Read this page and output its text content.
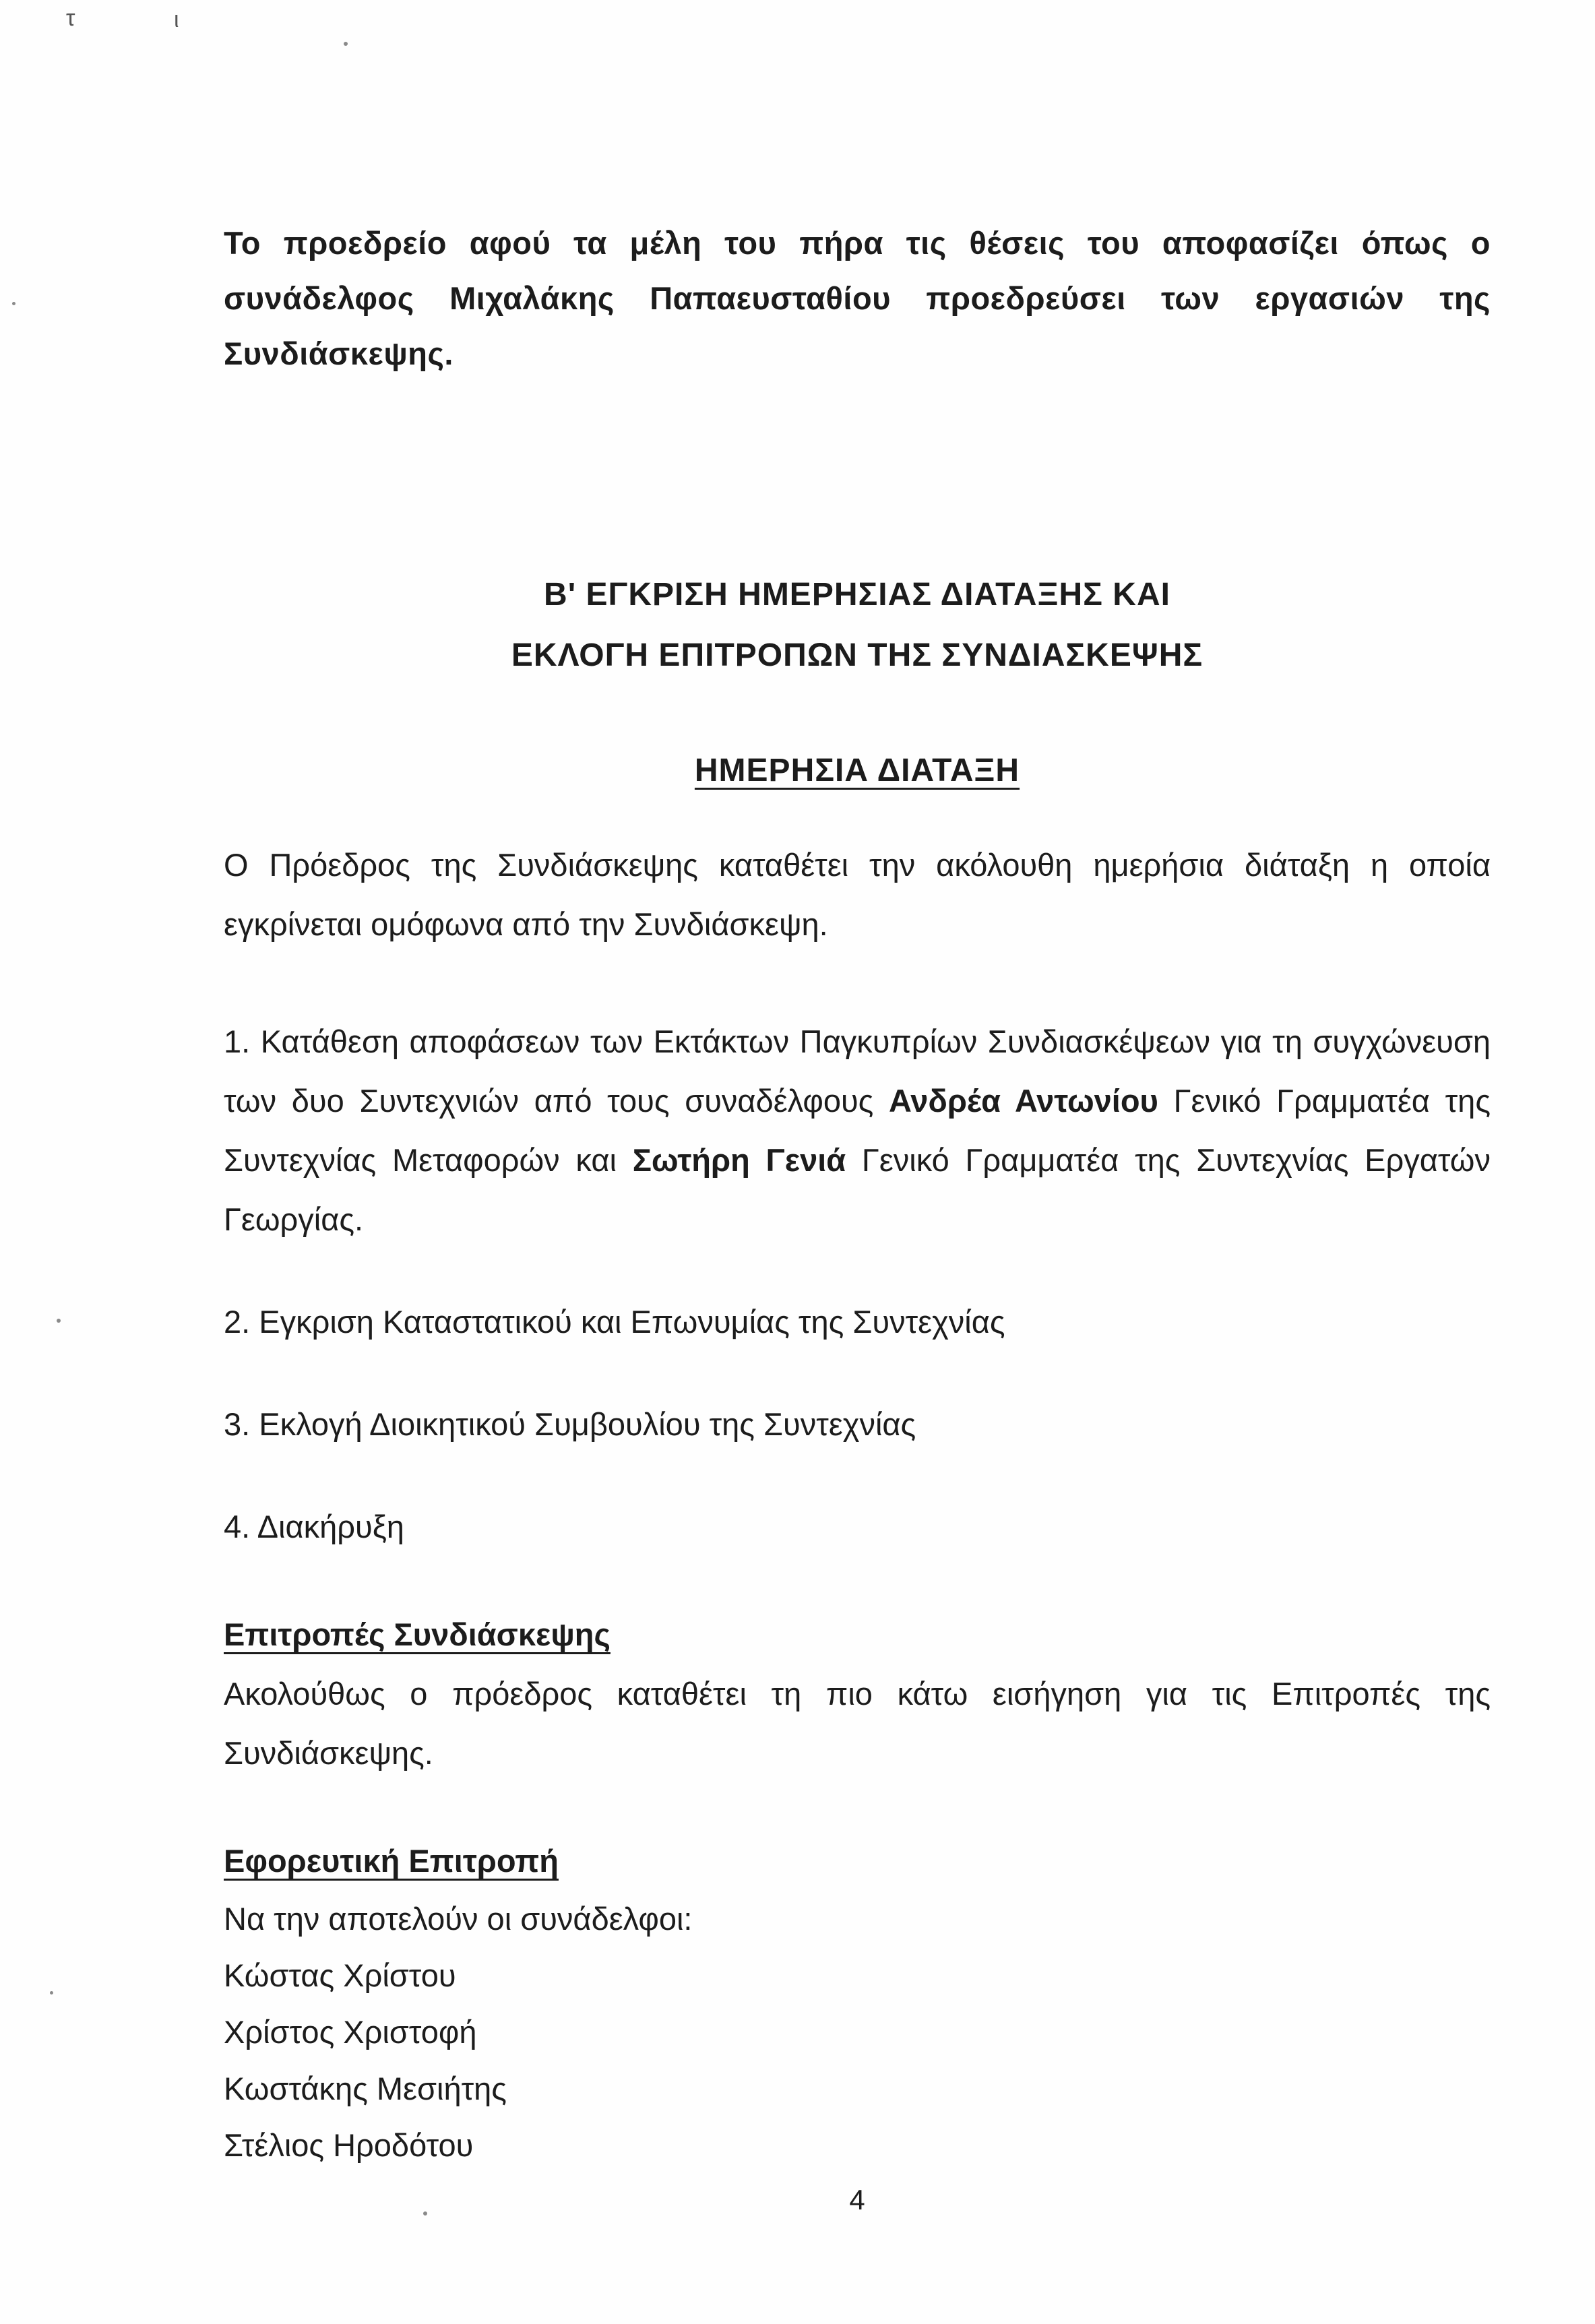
τ	ι

Το προεδρείο αφού τα μέλη του πήρα τις θέσεις του αποφασίζει όπως ο συνάδελφος Μιχαλάκης Παπαευσταθίου προεδρεύσει των εργασιών της Συνδιάσκεψης.

Β' ΕΓΚΡΙΣΗ ΗΜΕΡΗΣΙΑΣ ΔΙΑΤΑΞΗΣ ΚΑΙ
ΕΚΛΟΓΗ ΕΠΙΤΡΟΠΩΝ ΤΗΣ ΣΥΝΔΙΑΣΚΕΨΗΣ
ΗΜΕΡΗΣΙΑ ΔΙΑΤΑΞΗ

Ο Πρόεδρος της Συνδιάσκεψης καταθέτει την ακόλουθη ημερήσια διάταξη η οποία εγκρίνεται ομόφωνα από την Συνδιάσκεψη.

1. Κατάθεση αποφάσεων των Εκτάκτων Παγκυπρίων Συνδιασκέψεων για τη συγχώνευση των δυο Συντεχνιών από τους συναδέλφους Ανδρέα Αντωνίου Γενικό Γραμματέα της Συντεχνίας Μεταφορών και Σωτήρη Γενιά Γενικό Γραμματέα της Συντεχνίας Εργατών Γεωργίας.

2. Εγκριση Καταστατικού και Επωνυμίας της Συντεχνίας

3. Εκλογή Διοικητικού Συμβουλίου της Συντεχνίας

4. Διακήρυξη

Επιτροπές Συνδιάσκεψης

Ακολούθως ο πρόεδρος καταθέτει τη πιο κάτω εισήγηση για τις Επιτροπές της Συνδιάσκεψης.

Εφορευτική Επιτροπή

Να την αποτελούν οι συνάδελφοι:

Κώστας Χρίστου

Χρίστος Χριστοφή

Κωστάκης Μεσιήτης

Στέλιος Ηροδότου

4
